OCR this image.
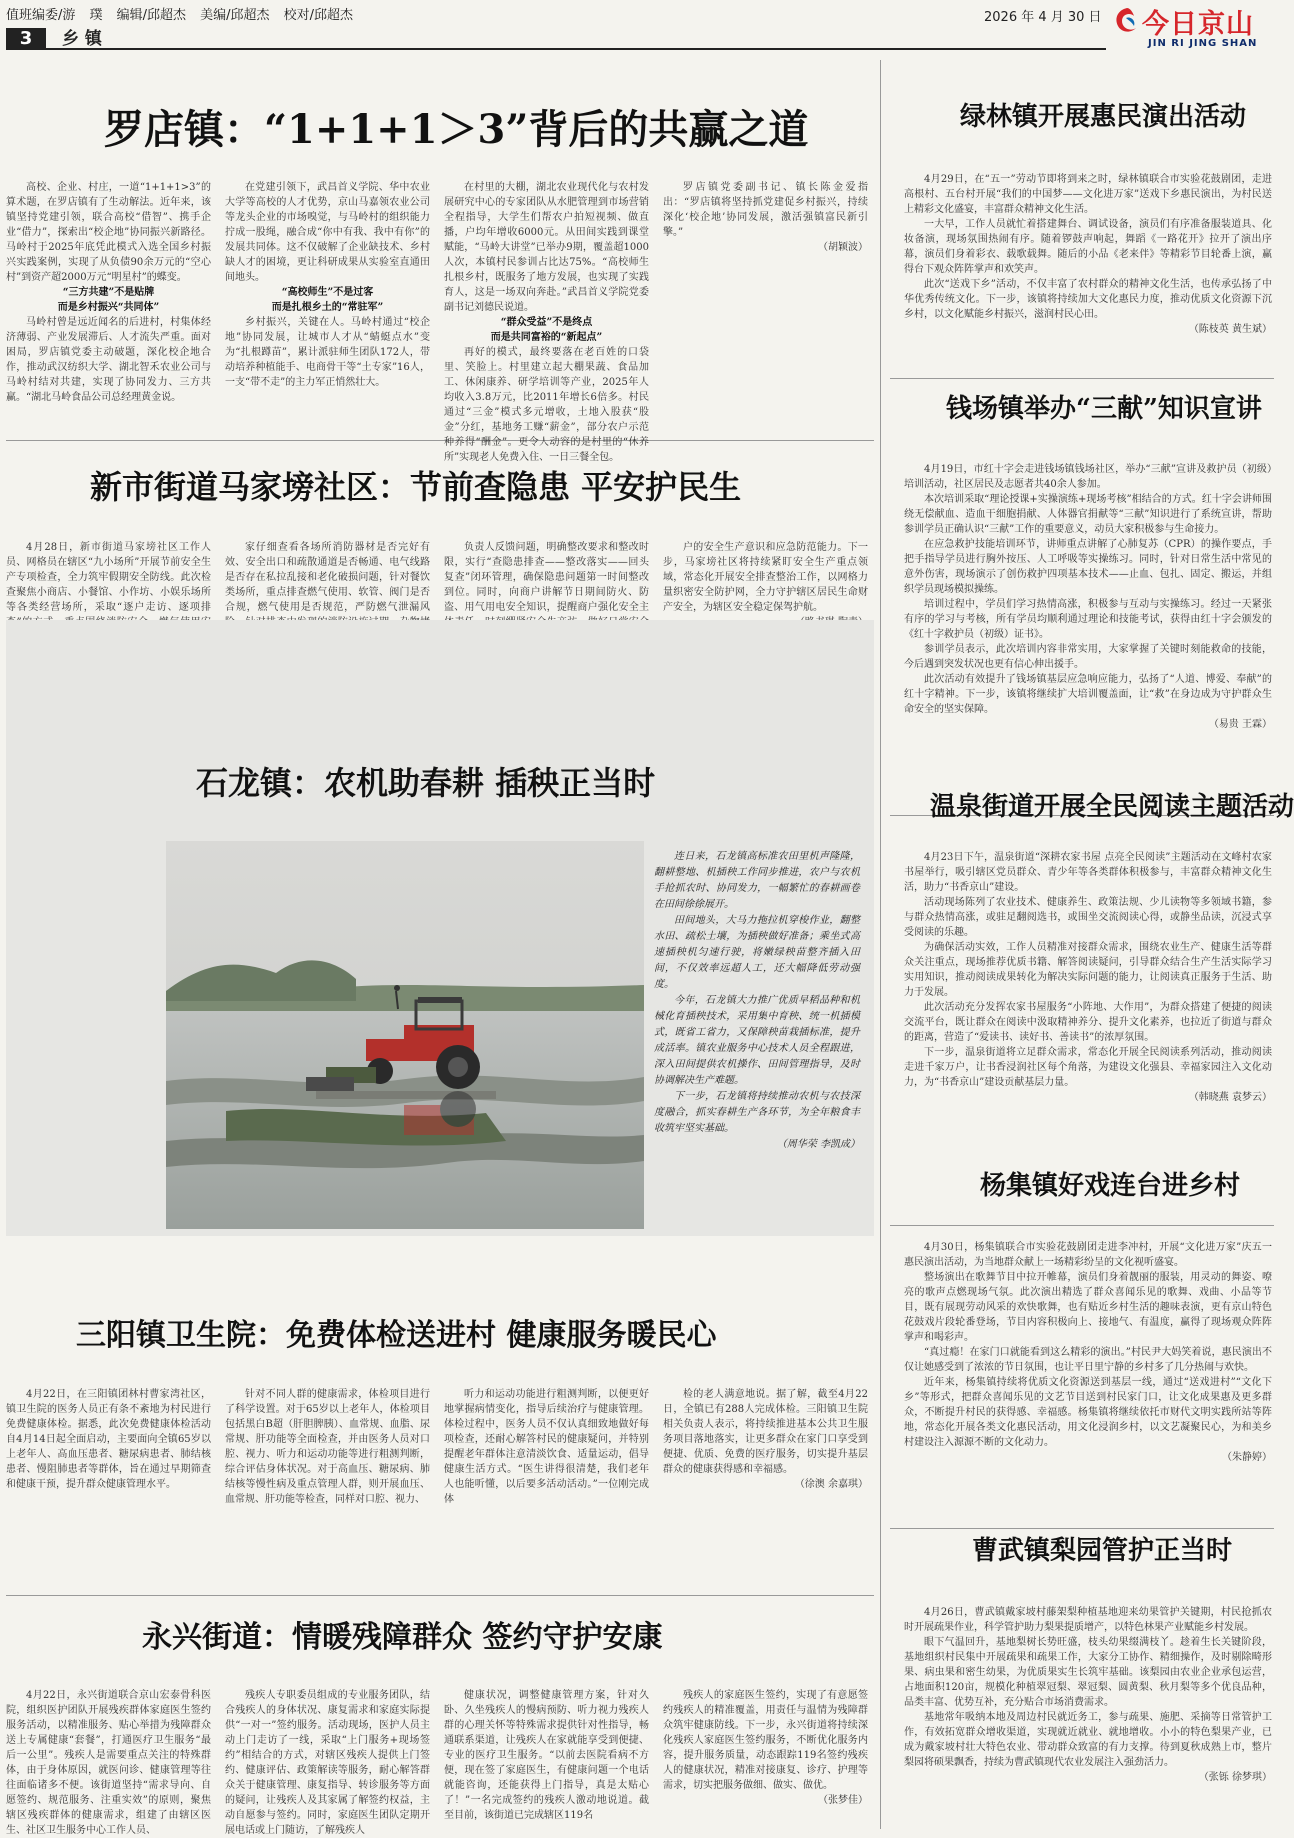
值班编委/游 璞 编辑/邱超杰 美编/邱超杰 校对/邱超杰	2026 年 4 月 30 日 今日京山
JIN RI JING SHAN
3	乡 镇
罗店镇：“1+1+1＞3”背后的共赢之道

高校、企业、村庄，一道“1+1+1>3”的算术题，在罗店镇有了生动解法。近年来，该镇坚持党建引领，联合高校“借智”、携手企业“借力”，探索出“校企地”协同振兴新路径。马岭村于2025年底凭此模式入选全国乡村振兴实践案例，实现了从负债90余万元的“空心村”到资产超2000万元“明星村”的蝶变。

“三方共建”不是贴牌

而是乡村振兴“共同体”

马岭村曾是远近闻名的后进村，村集体经济薄弱、产业发展滞后、人才流失严重。面对困局，罗店镇党委主动破题，深化校企地合作，推动武汉纺织大学、湖北智禾农业公司与马岭村结对共建，实现了协同发力、三方共赢。“湖北马岭食品公司总经理黄金说。

在党建引领下，武昌首义学院、华中农业大学等高校的人才优势，京山马嘉领农业公司等龙头企业的市场嗅觉，与马岭村的组织能力拧成一股绳，融合成“你中有我、我中有你”的发展共同体。这不仅破解了企业缺技术、乡村缺人才的困境，更让科研成果从实验室直通田间地头。

“高校师生”不是过客

而是扎根乡土的“常驻军”

乡村振兴，关键在人。马岭村通过“校企地”协同发展，让城市人才从“蜻蜓点水”变为“扎根蹲苗”，累计派驻师生团队172人，带动培养种植能手、电商骨干等“土专家”16人，一支“带不走”的主力军正悄然壮大。

在村里的大棚，湖北农业现代化与农村发展研究中心的专家团队从水肥管理到市场营销全程指导，大学生们帮农户拍短视频、做直播，户均年增收6000元。从田间实践到课堂赋能，“马岭大讲堂”已举办9期，覆盖超1000人次，本镇村民参训占比达75%。“高校师生扎根乡村，既服务了地方发展，也实现了实践育人，这是一场双向奔赴。”武昌首义学院党委副书记刘德民说道。

“群众受益”不是终点

而是共同富裕的“新起点”

再好的模式，最终要落在老百姓的口袋里、笑脸上。村里建立起大棚果蔬、食品加工、休闲康养、研学培训等产业，2025年人均收入3.8万元，比2011年增长6倍多。村民通过“三金”模式多元增收，土地入股获“股金”分红，基地务工赚“薪金”，部分农户示范种养得“酬金”。更令人动容的是村里的“休养所”实现老人免费入住、一日三餐全包。

罗店镇党委副书记、镇长陈金爱指出：“罗店镇将坚持抓党建促乡村振兴，持续深化‘校企地’协同发展，激活强镇富民新引擎。”

（胡颖波）

新市街道马家塝社区：节前查隐患 平安护民生

4月28日，新市街道马家塝社区工作人员、网格员在辖区“九小场所”开展节前安全生产专项检查，全力筑牢假期安全防线。此次检查聚焦小商店、小餐馆、小作坊、小娱乐场所等各类经营场所，采取“逐户走访、逐项排

家仔细查看各场所消防器材是否完好有效、安全出口和疏散通道是否畅通、电气线路是否存在私拉乱接和老化破损问题，针对餐饮类场所，重点排查燃气使用、软管、阀门是否合规，燃气使用是否规范，严防燃气泄漏风

负责人反馈问题，明确整改要求和整改时限，实行“查隐患排查——整改落实——回头复查”闭环管理，确保隐患问题第一时间整改到位。同时，向商户讲解节日期间防火、防盗、用气用电安全知识，提醒商户强化安全主

户的安全生产意识和应急防范能力。下一步，马家塝社区将持续紧盯安全生产重点领域，常态化开展安全排查整治工作，以网格力量织密安全防护网，全力守护辖区居民生命财产安全，为辖区安全稳定保驾护航。

石龙镇：农机助春耕 插秧正当时

连日来，石龙镇高标准农田里机声隆隆，翻耕整地、机插秧工作同步推进，农户与农机手抢抓农时、协同发力，一幅繁忙的春耕画卷在田间徐徐展开。

田间地头，大马力拖拉机穿梭作业，翻整水田、疏松土壤，为插秧做好准备；乘坐式高速插秧机匀速行驶，将嫩绿秧苗整齐插入田间，不仅效率远超人工，还大幅降低劳动强度。

今年，石龙镇大力推广优质早稻品种和机械化育插秧技术，采用集中育秧、统一机插模式，既省工省力，又保障秧苗栽插标准，提升成活率。镇农业服务中心技术人员全程跟进，深入田间提供农机操作、田间管理指导，及时协调解决生产难题。

下一步，石龙镇将持续推动农机与农技深度融合，抓实春耕生产各环节，为全年粮食丰收筑牢坚实基础。

（周华荣 李凯成）

三阳镇卫生院：免费体检送进村 健康服务暖民心

4月22日，在三阳镇团林村曹家湾社区，镇卫生院的医务人员正有条不紊地为村民进行免费健康体检。据悉，此次免费健康体检活动自4月14日起全面启动，主要面向全镇65岁以上老年人、高血压患者、糖尿病患者、肺结核患者、慢阻肺患者等群体，旨在通过早期筛查和健康干预，提升群众健康管理水平。

针对不同人群的健康需求，体检项目进行了科学设置。对于65岁以上老年人，体检项目包括黑白B超（肝胆脾胰）、血常规、血脂、尿常规、肝功能等全面检查，并由医务人员对口腔、视力、听力和运动功能等进行粗测判断，综合评估身体状况。对于高血压、糖尿病、肺结核等慢性病及重点管理人群，则开展血压、血常规、肝功能等检查，同样对口腔、视力、

听力和运动功能进行粗测判断，以便更好地掌握病情变化，指导后续治疗与健康管理。体检过程中，医务人员不仅认真细致地做好每项检查，还耐心解答村民的健康疑问，并特别提醒老年群体注意清淡饮食、适量运动，倡导健康生活方式。“医生讲得很清楚，我们老年人也能听懂，以后要多活动活动。”一位刚完成体

检的老人满意地说。据了解，截至4月22日，全镇已有288人完成体检。三阳镇卫生院相关负责人表示，将持续推进基本公共卫生服务项目落地落实，让更多群众在家门口享受到便捷、优质、免费的医疗服务，切实提升基层群众的健康获得感和幸福感。

（徐澳 余嘉琪）

永兴街道：情暖残障群众 签约守护安康

4月22日，永兴街道联合京山宏泰骨科医院，组织医护团队开展残疾群体家庭医生签约服务活动，以精准服务、贴心举措为残障群众送上专属健康“套餐”，打通医疗卫生服务“最后一公里”。残疾人是需要重点关注的特殊群体，由于身体原因，就医问诊、健康管理等往往面临诸多不便。该街道坚持“需求导向、自愿签约、规范服务、注重实效”的原则，聚焦辖区残疾群体的健康需求，组建了由辖区医生、社区卫生服务中心工作人员、

残疾人专职委员组成的专业服务团队，结合残疾人的身体状况、康复需求和家庭实际提供“一对一”签约服务。活动现场，医护人员主动上门走访了一线，采取“上门服务+现场签约”相结合的方式，对辖区残疾人提供上门签约、健康评估、政策解读等服务，耐心解答群众关于健康管理、康复指导、转诊服务等方面的疑问，让残疾人及其家属了解签约权益，主动自愿参与签约。同时，家庭医生团队定期开展电话或上门随访，了解残疾人

健康状况，调整健康管理方案，针对久卧、久坐残疾人的慢病预防、听力视力残疾人群的心理关怀等特殊需求提供针对性指导，畅通联系渠道，让残疾人在家就能享受到便捷、专业的医疗卫生服务。“以前去医院看病不方便，现在签了家庭医生，有健康问题一个电话就能咨询，还能获得上门指导，真是太贴心了！”一名完成签约的残疾人激动地说道。截至目前，该街道已完成辖区119名

残疾人的家庭医生签约，实现了有意愿签约残疾人的精准覆盖，用责任与温情为残障群众筑牢健康防线。下一步，永兴街道将持续深化残疾人家庭医生签约服务，不断优化服务内容，提升服务质量，动态跟踪119名签约残疾人的健康状况，精准对接康复、诊疗、护理等需求，切实把服务做细、做实、做优。

（张梦佳）

绿林镇开展惠民演出活动

4月29日，在“五一”劳动节即将到来之时，绿林镇联合市实验花鼓剧团，走进高根村、五台村开展“我们的中国梦——文化进万家”送戏下乡惠民演出，为村民送上精彩文化盛宴，丰富群众精神文化生活。

一大早，工作人员就忙着搭建舞台、调试设备，演员们有序准备服装道具、化妆备演，现场氛围热闹有序。随着锣鼓声响起，舞蹈《一路花开》拉开了演出序幕，演员们身着彩衣、载歌载舞。随后的小品《老来伴》等精彩节目轮番上演，赢得台下观众阵阵掌声和欢笑声。

此次“送戏下乡”活动，不仅丰富了农村群众的精神文化生活，也传承弘扬了中华优秀传统文化。下一步，该镇将持续加大文化惠民力度，推动优质文化资源下沉乡村，以文化赋能乡村振兴，滋润村民心田。

（陈枝英 黄生斌）

钱场镇举办“三献”知识宣讲

4月19日，市红十字会走进钱场镇钱场社区，举办“三献”宣讲及救护员（初级）培训活动，社区居民及志愿者共40余人参加。

本次培训采取“理论授课+实操演练+现场考核”相结合的方式。红十字会讲师围绕无偿献血、造血干细胞捐献、人体器官捐献等“三献”知识进行了系统宣讲，帮助参训学员正确认识“三献”工作的重要意义，动员大家积极参与生命接力。

在应急救护技能培训环节，讲师重点讲解了心肺复苏（CPR）的操作要点，手把手指导学员进行胸外按压、人工呼吸等实操练习。同时，针对日常生活中常见的意外伤害，现场演示了创伤救护四项基本技术——止血、包扎、固定、搬运，并组织学员现场模拟操练。

培训过程中，学员们学习热情高涨，积极参与互动与实操练习。经过一天紧张有序的学习与考核，所有学员均顺利通过理论和技能考试，获得由红十字会颁发的《红十字救护员（初级）证书》。

参训学员表示，此次培训内容非常实用，大家掌握了关键时刻能救命的技能，今后遇到突发状况也更有信心伸出援手。

此次活动有效提升了钱场镇基层应急响应能力，弘扬了“人道、博爱、奉献”的红十字精神。下一步，该镇将继续扩大培训覆盖面，让“救”在身边成为守护群众生命安全的坚实保障。

（易贵 王霖）

温泉街道开展全民阅读主题活动

4月23日下午，温泉街道“深耕农家书屋 点亮全民阅读”主题活动在文峰村农家书屋举行，吸引辖区党员群众、青少年等各类群体积极参与，丰富群众精神文化生活，助力“书香京山”建设。

活动现场陈列了农业技术、健康养生、政策法规、少儿读物等多领域书籍，参与群众热情高涨，或驻足翻阅选书，或围坐交流阅读心得，或静坐品读，沉浸式享受阅读的乐趣。

为确保活动实效，工作人员精准对接群众需求，围绕农业生产、健康生活等群众关注重点，现场推荐优质书籍、解答阅读疑问，引导群众结合生产生活实际学习实用知识，推动阅读成果转化为解决实际问题的能力，让阅读真正服务于生活、助力于发展。

此次活动充分发挥农家书屋服务“小阵地、大作用”，为群众搭建了便捷的阅读交流平台，既让群众在阅读中汲取精神养分、提升文化素养，也拉近了街道与群众的距离，营造了“爱读书、读好书、善读书”的浓厚氛围。

下一步，温泉街道将立足群众需求，常态化开展全民阅读系列活动，推动阅读走进千家万户，让书香浸润社区每个角落，为建设文化强县、幸福家园注入文化动力，为“书香京山”建设贡献基层力量。

（韩晓燕 袁梦云）

杨集镇好戏连台进乡村

4月30日，杨集镇联合市实验花鼓剧团走进李冲村，开展“文化进万家”庆五一惠民演出活动，为当地群众献上一场精彩纷呈的文化视听盛宴。

整场演出在歌舞节目中拉开帷幕，演员们身着靓丽的服装，用灵动的舞姿、嘹亮的歌声点燃现场气氛。此次演出精选了群众喜闻乐见的歌舞、戏曲、小品等节目，既有展现劳动风采的欢快歌舞，也有贴近乡村生活的趣味表演，更有京山特色花鼓戏片段轮番登场，节目内容积极向上、接地气、有温度，赢得了现场观众阵阵掌声和喝彩声。

“真过瘾！在家门口就能看到这么精彩的演出。”村民尹大妈笑着说，惠民演出不仅让她感受到了浓浓的节日氛围，也让平日里宁静的乡村多了几分热闹与欢快。

近年来，杨集镇持续将优质文化资源送到基层一线，通过“送戏进村”“文化下乡”等形式，把群众喜闻乐见的文艺节目送到村民家门口，让文化成果惠及更多群众，不断提升村民的获得感、幸福感。杨集镇将继续依托市财代文明实践所站等阵地，常态化开展各类文化惠民活动，用文化浸润乡村，以文艺凝聚民心，为和美乡村建设注入源源不断的文化动力。

（朱静婷）

曹武镇梨园管护正当时

4月26日，曹武镇戴家坡村藤架梨种植基地迎来幼果管护关键期，村民抢抓农时开展疏果作业，科学管护助力梨果提质增产，以特色林果产业赋能乡村发展。

眼下气温回升，基地梨树长势旺盛，枝头幼果缀满枝丫。趁着生长关键阶段，基地组织村民集中开展疏果和疏果工作，大家分工协作、精细操作，及时剔除畸形果、病虫果和密生幼果，为优质果实生长筑牢基础。该梨园由农业企业承包运营，占地面积120亩，规模化种植翠冠梨、翠冠梨、圆黄梨、秋月梨等多个优良品种，品类丰富、优势互补，充分贴合市场消费需求。

基地常年吸纳本地及周边村民就近务工，参与疏果、施肥、采摘等日常管护工作，有效拓宽群众增收渠道，实现就近就业、就地增收。小小的特色梨果产业，已成为戴家坡村壮大特色农业、带动群众致富的有力支撑。待到夏秋成熟上市，整片梨园将硕果飘香，持续为曹武镇现代农业发展注入强劲活力。

（张铄 徐梦琪）
